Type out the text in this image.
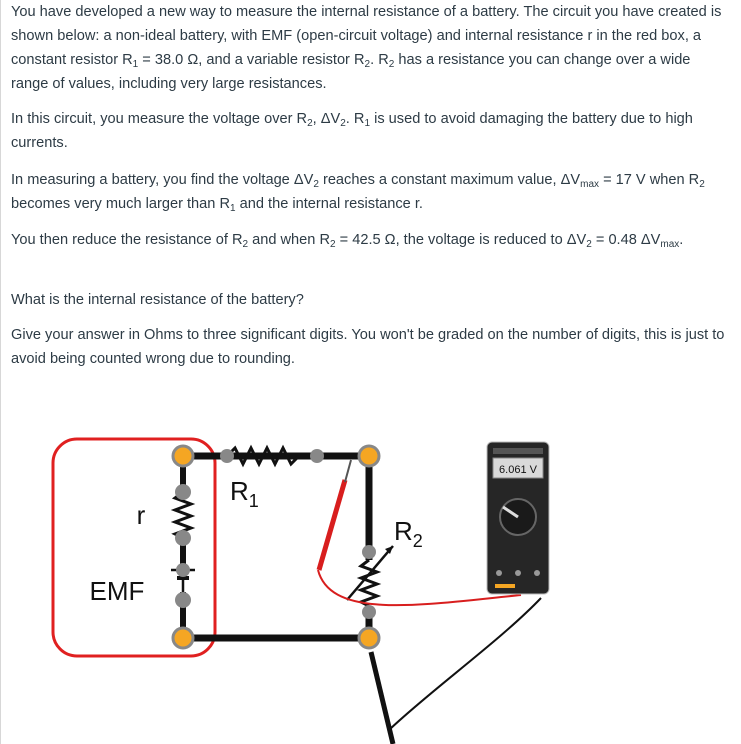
You have developed a new way to measure the internal resistance of a battery. The circuit you have created is shown below: a non-ideal battery, with EMF (open-circuit voltage) and internal resistance r in the red box, a constant resistor $R_1 = 38.0$ Ω, and a variable resistor $R_2$. $R_2$ has a resistance you can change over a wide range of values, including very large resistances.

In this circuit, you measure the voltage over $R_2$, $\Delta V_2$. $R_1$ is used to avoid damaging the battery due to high currents.

In measuring a battery, you find the voltage $\Delta V_2$ reaches a constant maximum value, $\Delta V_{max} = 17$ V when $R_2$ becomes very much larger than $R_1$ and the internal resistance r.

You then reduce the resistance of $R_2$ and when $R_2 = 42.5$ Ω, the voltage is reduced to $\Delta V_2 = 0.48$ $\Delta V_{max}$.

What is the internal resistance of the battery?

Give your answer in Ohms to three significant digits. You won't be graded on the number of digits, this is just to avoid being counted wrong due to rounding.

6.061 V
r
EMF
$R_1$
$R_2$
